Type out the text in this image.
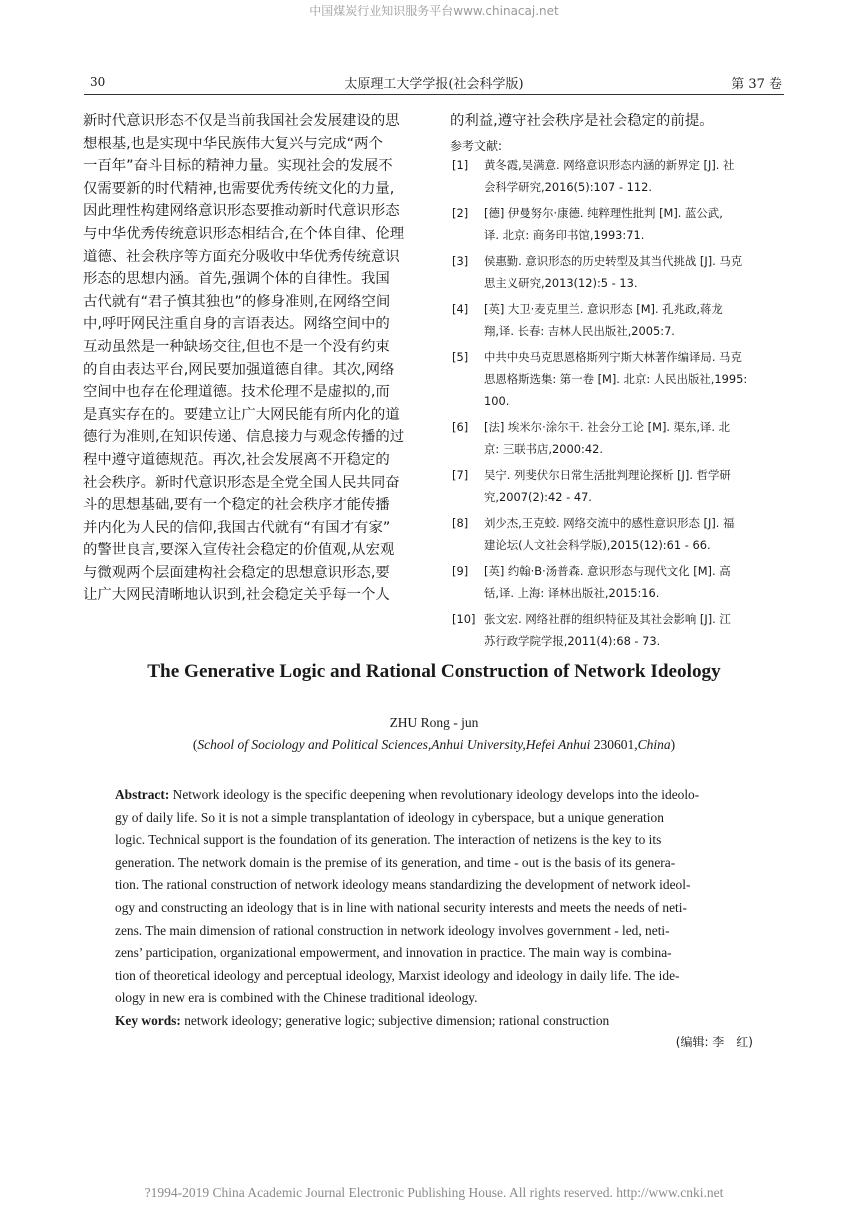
中国煤炭行业知识服务平台www.chinacaj.net
30	太原理工大学学报(社会科学版)	第 37 卷
新时代意识形态不仅是当前我国社会发展建设的思
想根基,也是实现中华民族伟大复兴与完成“两个
一百年”奋斗目标的精神力量。实现社会的发展不
仅需要新的时代精神,也需要优秀传统文化的力量,
因此理性构建网络意识形态要推动新时代意识形态
与中华优秀传统意识形态相结合,在个体自律、伦理
道德、社会秩序等方面充分吸收中华优秀传统意识
形态的思想内涵。首先,强调个体的自律性。我国
古代就有“君子慎其独也”的修身准则,在网络空间
中,呼吁网民注重自身的言语表达。网络空间中的
互动虽然是一种缺场交往,但也不是一个没有约束
的自由表达平台,网民要加强道德自律。其次,网络
空间中也存在伦理道德。技术伦理不是虚拟的,而
是真实存在的。要建立让广大网民能有所内化的道
德行为准则,在知识传递、信息接力与观念传播的过
程中遵守道德规范。再次,社会发展离不开稳定的
社会秩序。新时代意识形态是全党全国人民共同奋
斗的思想基础,要有一个稳定的社会秩序才能传播
并内化为人民的信仰,我国古代就有“有国才有家”
的警世良言,要深入宣传社会稳定的价值观,从宏观
与微观两个层面建构社会稳定的思想意识形态,要
让广大网民清晰地认识到,社会稳定关乎每一个人
的利益,遵守社会秩序是社会稳定的前提。
参考文献:
[1] 黄冬霞,吴满意. 网络意识形态内涵的新界定 [J]. 社
会科学研究,2016(5):107 - 112.
[2] [德] 伊曼努尔·康德. 纯粹理性批判 [M]. 蓝公武,
译. 北京: 商务印书馆,1993:71.
[3] 侯惠勤. 意识形态的历史转型及其当代挑战 [J]. 马克
思主义研究,2013(12):5 - 13.
[4] [英] 大卫·麦克里兰. 意识形态 [M]. 孔兆政,蒋龙
翔,译. 长春: 吉林人民出版社,2005:7.
[5] 中共中央马克思恩格斯列宁斯大林著作编译局. 马克
思恩格斯选集: 第一卷 [M]. 北京: 人民出版社,1995:
100.
[6] [法] 埃米尔·涂尔干. 社会分工论 [M]. 渠东,译. 北
京: 三联书店,2000:42.
[7] 吴宁. 列斐伏尔日常生活批判理论探析 [J]. 哲学研
究,2007(2):42 - 47.
[8] 刘少杰,王克蛟. 网络交流中的感性意识形态 [J]. 福
建论坛(人文社会科学版),2015(12):61 - 66.
[9] [英] 约翰·B·汤普森. 意识形态与现代文化 [M]. 高
铦,译. 上海: 译林出版社,2015:16.
[10] 张文宏. 网络社群的组织特征及其社会影响 [J]. 江
苏行政学院学报,2011(4):68 - 73.
The Generative Logic and Rational Construction of Network Ideology
ZHU Rong - jun
(School of Sociology and Political Sciences,Anhui University,Hefei Anhui 230601,China)
Abstract: Network ideology is the specific deepening when revolutionary ideology develops into the ideolo-
gy of daily life. So it is not a simple transplantation of ideology in cyberspace, but a unique generation
logic. Technical support is the foundation of its generation. The interaction of netizens is the key to its
generation. The network domain is the premise of its generation, and time - out is the basis of its genera-
tion. The rational construction of network ideology means standardizing the development of network ideol-
ogy and constructing an ideology that is in line with national security interests and meets the needs of neti-
zens. The main dimension of rational construction in network ideology involves government - led, neti-
zens’ participation, organizational empowerment, and innovation in practice. The main way is combina-
tion of theoretical ideology and perceptual ideology, Marxist ideology and ideology in daily life. The ide-
ology in new era is combined with the Chinese traditional ideology.
Key words: network ideology; generative logic; subjective dimension; rational construction
(编辑: 李　红)
?1994-2019 China Academic Journal Electronic Publishing House. All rights reserved. http://www.cnki.net
